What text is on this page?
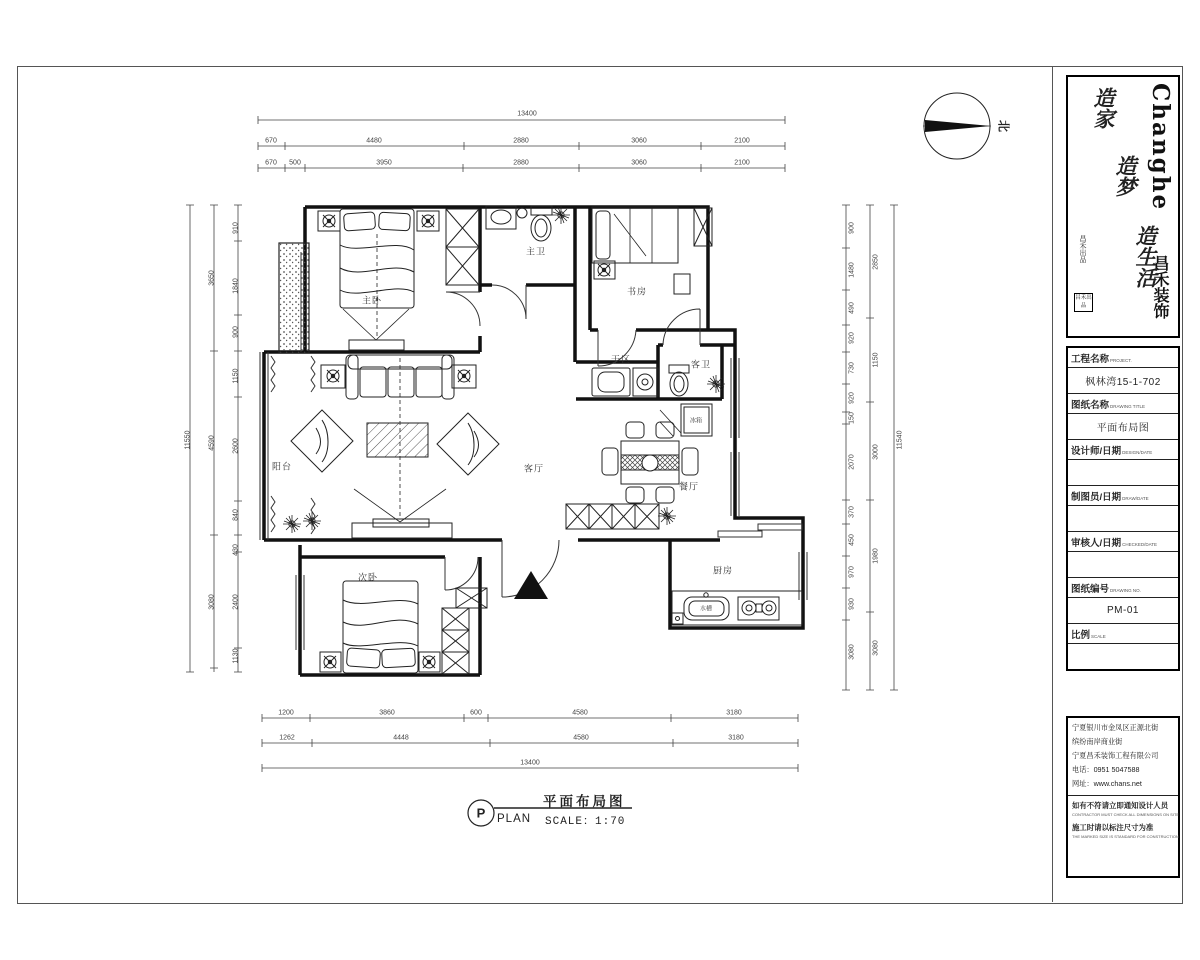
主卧
主卫
书房
干区	客卫
阳台	客厅
餐厅
次卧
厨房
冰箱
水槽
13400
670	4480	2880	3060	2100
670 500	3950	2880	3060	2100
1200	3860	600	4580	3180
1262	4448	4580	3180
13400
11550
3650
4590
3080
910
1840
900
1150
2600
840
430
2400
1130
900
1480
490
920
730
920
150
2070
370
450
970
930
3080
2850
1150
3000
1980
3080
11540
P PLAN
平面布局图
SCALE：1:70
北	Changhe
昌禾装饰
造家
造梦
造生活
昌禾出品
昌禾出品
工程名称PROJECT.
枫林湾15-1-702
图纸名称DRAWING TITLE
平面布局图
设计师/日期DESIGN/DATE
制图员/日期DRAW/DATE
审核人/日期CHECKED/DATE
图纸编号DRAWING NO.
PM-01
比例SCALE
宁夏银川市金凤区正源北街
缤纷南岸商业街
宁夏昌禾装饰工程有限公司
电话：0951 5047588
网址：www.chans.net
如有不符请立即通知设计人员
CONTRACTOR MUST CHECK ALL DIMENSIONS ON SITE
施工时请以标注尺寸为准
THE MARKED SIZE IS STANDARD FOR CONSTRUCTION
